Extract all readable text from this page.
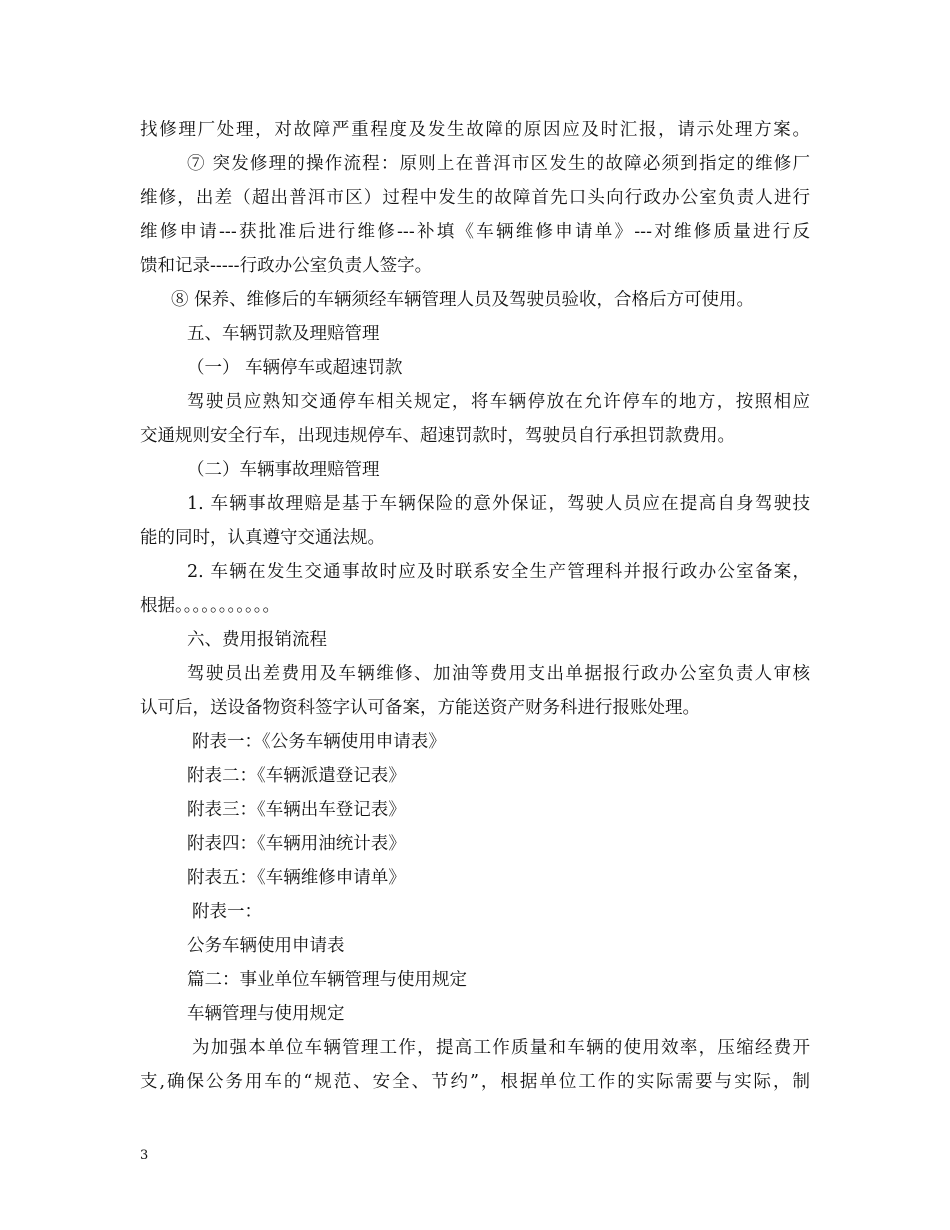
找修理厂处理，对故障严重程度及发生故障的原因应及时汇报，请示处理方案。
⑦ 突发修理的操作流程：原则上在普洱市区发生的故障必须到指定的维修厂
维修，出差（超出普洱市区）过程中发生的故障首先口头向行政办公室负责人进行
维修申请---获批准后进行维修---补填《车辆维修申请单》---对维修质量进行反
馈和记录-----行政办公室负责人签字。
⑧ 保养、维修后的车辆须经车辆管理人员及驾驶员验收，合格后方可使用。
五、车辆罚款及理赔管理
（一） 车辆停车或超速罚款
驾驶员应熟知交通停车相关规定，将车辆停放在允许停车的地方，按照相应
交通规则安全行车，出现违规停车、超速罚款时，驾驶员自行承担罚款费用。
（二）车辆事故理赔管理
1. 车辆事故理赔是基于车辆保险的意外保证，驾驶人员应在提高自身驾驶技
能的同时，认真遵守交通法规。
2. 车辆在发生交通事故时应及时联系安全生产管理科并报行政办公室备案，
根据。。。。。。。。。。。
六、费用报销流程
驾驶员出差费用及车辆维修、加油等费用支出单据报行政办公室负责人审核
认可后，送设备物资科签字认可备案，方能送资产财务科进行报账处理。
附表一：《公务车辆使用申请表》
附表二：《车辆派遣登记表》
附表三：《车辆出车登记表》
附表四：《车辆用油统计表》
附表五：《车辆维修申请单》
附表一：
公务车辆使用申请表
篇二：事业单位车辆管理与使用规定
车辆管理与使用规定
为加强本单位车辆管理工作，提高工作质量和车辆的使用效率，压缩经费开
支,确保公务用车的“规范、安全、节约”，根据单位工作的实际需要与实际，制
3
